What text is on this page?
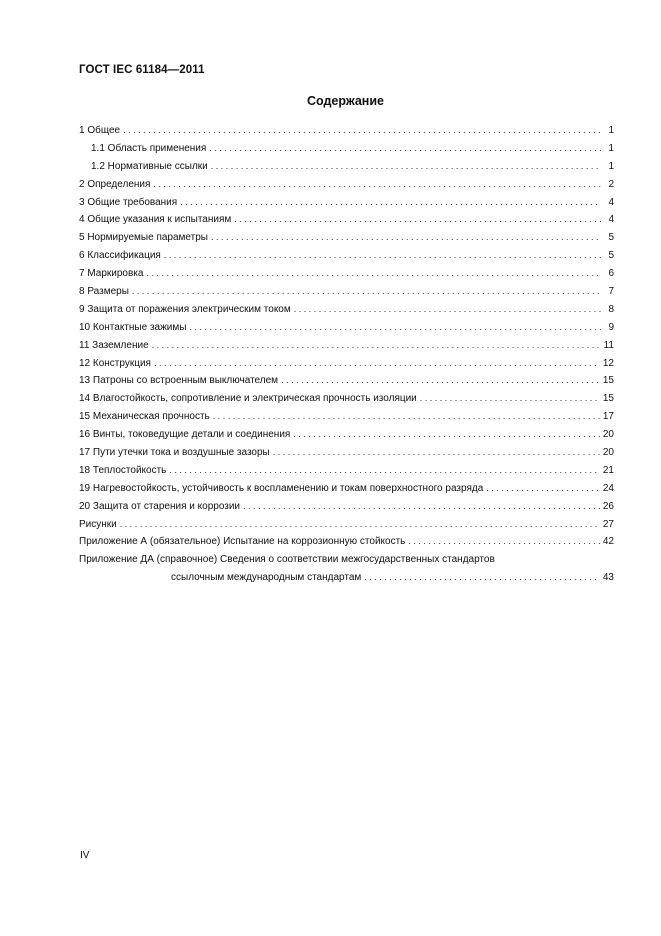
ГОСТ IEC 61184—2011
Содержание
1 Общее . . .	1
1.1 Область применения . . .	1
1.2 Нормативные ссылки . . .	1
2 Определения . . .	2
3 Общие требования . . .	4
4 Общие указания к испытаниям . . .	4
5 Нормируемые параметры . . .	5
6 Классификация . . .	5
7 Маркировка . . .	6
8 Размеры . . .	7
9 Защита от поражения электрическим током . . .	8
10 Контактные зажимы . . .	9
11 Заземление . . .	11
12 Конструкция . . .	12
13 Патроны со встроенным выключателем . . .	15
14 Влагостойкость, сопротивление и электрическая прочность изоляции . . .	15
15 Механическая прочность . . .	17
16 Винты, токоведущие детали и соединения . . .	20
17 Пути утечки тока и воздушные зазоры . . .	20
18 Теплостойкость . . .	21
19 Нагревостойкость, устойчивость к воспламенению и токам поверхностного разряда . . .	24
20 Защита от старения и коррозии . . .	26
Рисунки . . .	27
Приложение А (обязательное) Испытание на коррозионную стойкость . . .	42
Приложение ДА (справочное) Сведения о соответствии межгосударственных стандартов
ссылочным международным стандартам . . .	43
IV
